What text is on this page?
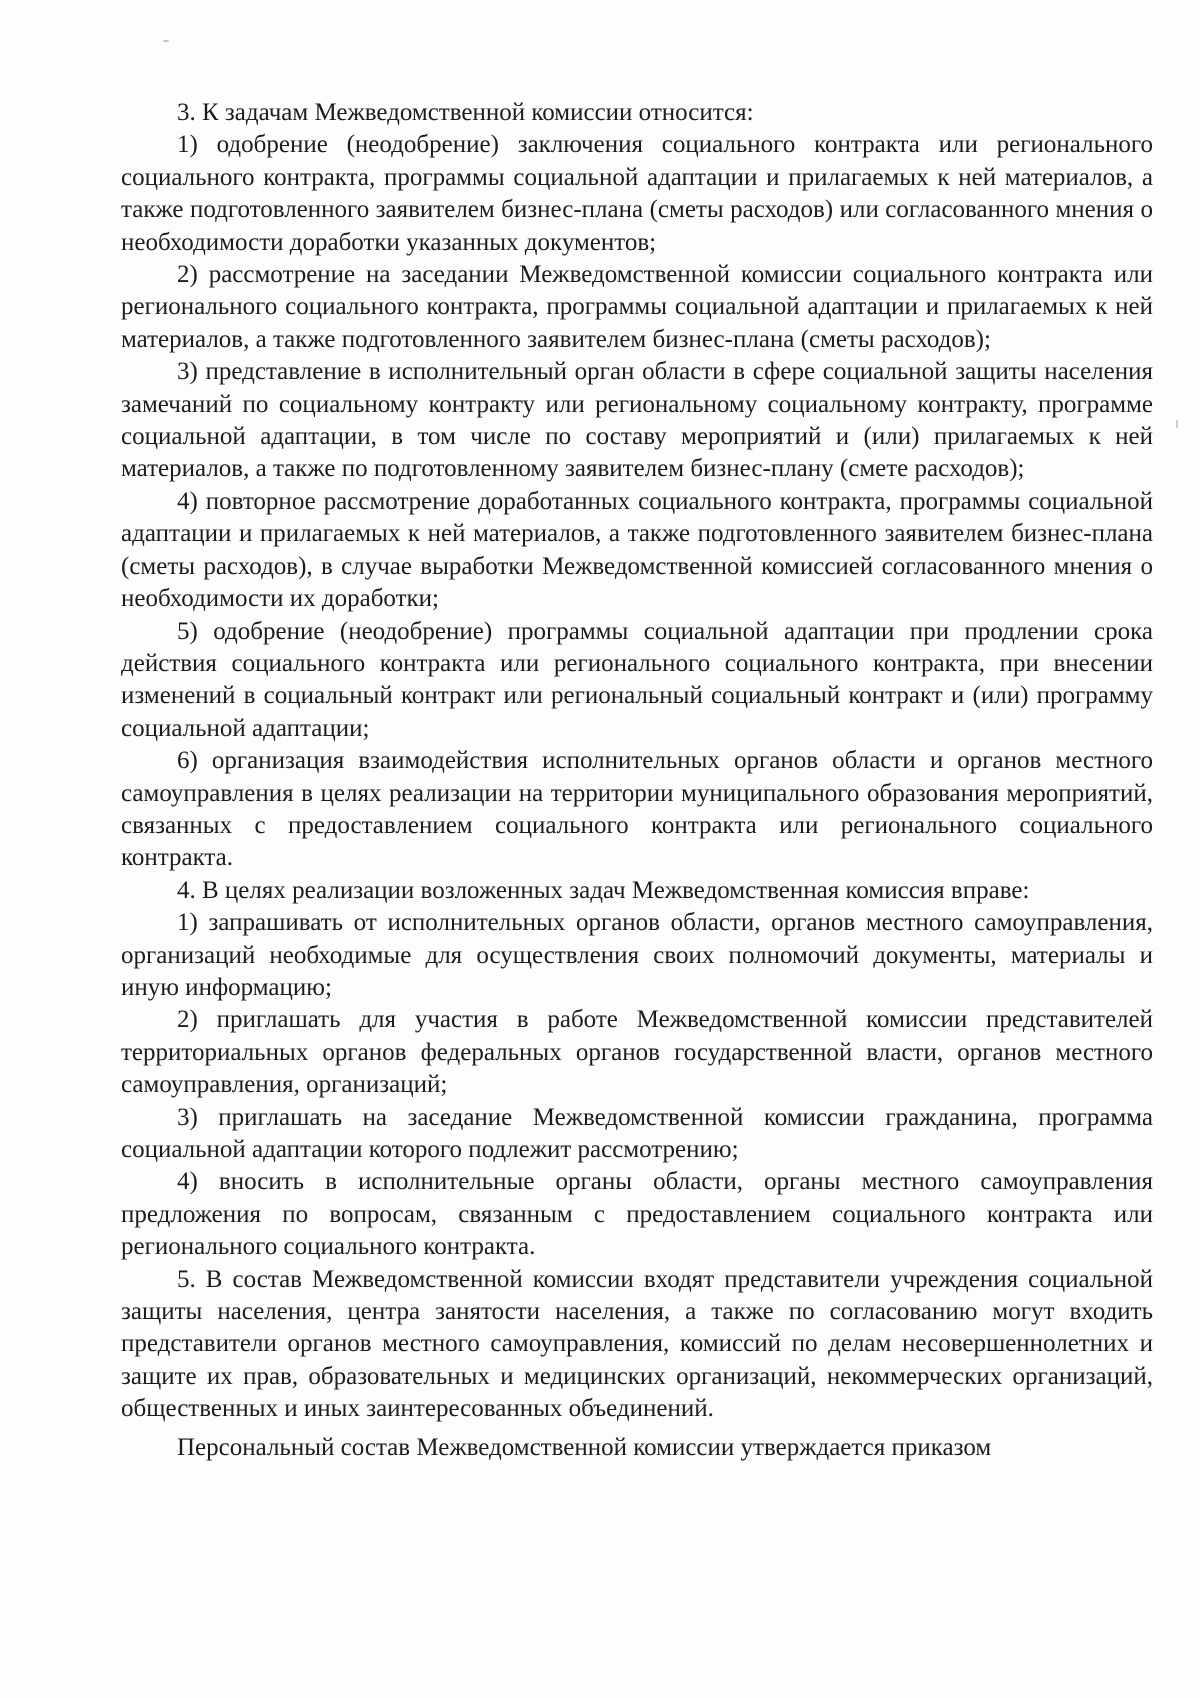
3. К задачам Межведомственной комиссии относится:

1) одобрение (неодобрение) заключения социального контракта или регионального социального контракта, программы социальной адаптации и прилагаемых к ней материалов, а также подготовленного заявителем бизнес-плана (сметы расходов) или согласованного мнения о необходимости доработки указанных документов;

2) рассмотрение на заседании Межведомственной комиссии социального контракта или регионального социального контракта, программы социальной адаптации и прилагаемых к ней материалов, а также подготовленного заявителем бизнес-плана (сметы расходов);

3) представление в исполнительный орган области в сфере социальной защиты населения замечаний по социальному контракту или региональному социальному контракту, программе социальной адаптации, в том числе по составу мероприятий и (или) прилагаемых к ней материалов, а также по подготовленному заявителем бизнес-плану (смете расходов);

4) повторное рассмотрение доработанных социального контракта, программы социальной адаптации и прилагаемых к ней материалов, а также подготовленного заявителем бизнес-плана (сметы расходов), в случае выработки Межведомственной комиссией согласованного мнения о необходимости их доработки;

5) одобрение (неодобрение) программы социальной адаптации при продлении срока действия социального контракта или регионального социального контракта, при внесении изменений в социальный контракт или региональный социальный контракт и (или) программу социальной адаптации;

6) организация взаимодействия исполнительных органов области и органов местного самоуправления в целях реализации на территории муниципального образования мероприятий, связанных с предоставлением социального контракта или регионального социального контракта.

4. В целях реализации возложенных задач Межведомственная комиссия вправе:

1) запрашивать от исполнительных органов области, органов местного самоуправления, организаций необходимые для осуществления своих полномочий документы, материалы и иную информацию;

2) приглашать для участия в работе Межведомственной комиссии представителей территориальных органов федеральных органов государственной власти, органов местного самоуправления, организаций;

3) приглашать на заседание Межведомственной комиссии гражданина, программа социальной адаптации которого подлежит рассмотрению;

4) вносить в исполнительные органы области, органы местного самоуправления предложения по вопросам, связанным с предоставлением социального контракта или регионального социального контракта.

5. В состав Межведомственной комиссии входят представители учреждения социальной защиты населения, центра занятости населения, а также по согласованию могут входить представители органов местного самоуправления, комиссий по делам несовершеннолетних и защите их прав, образовательных и медицинских организаций, некоммерческих организаций, общественных и иных заинтересованных объединений.

Персональный состав Межведомственной комиссии утверждается приказом
